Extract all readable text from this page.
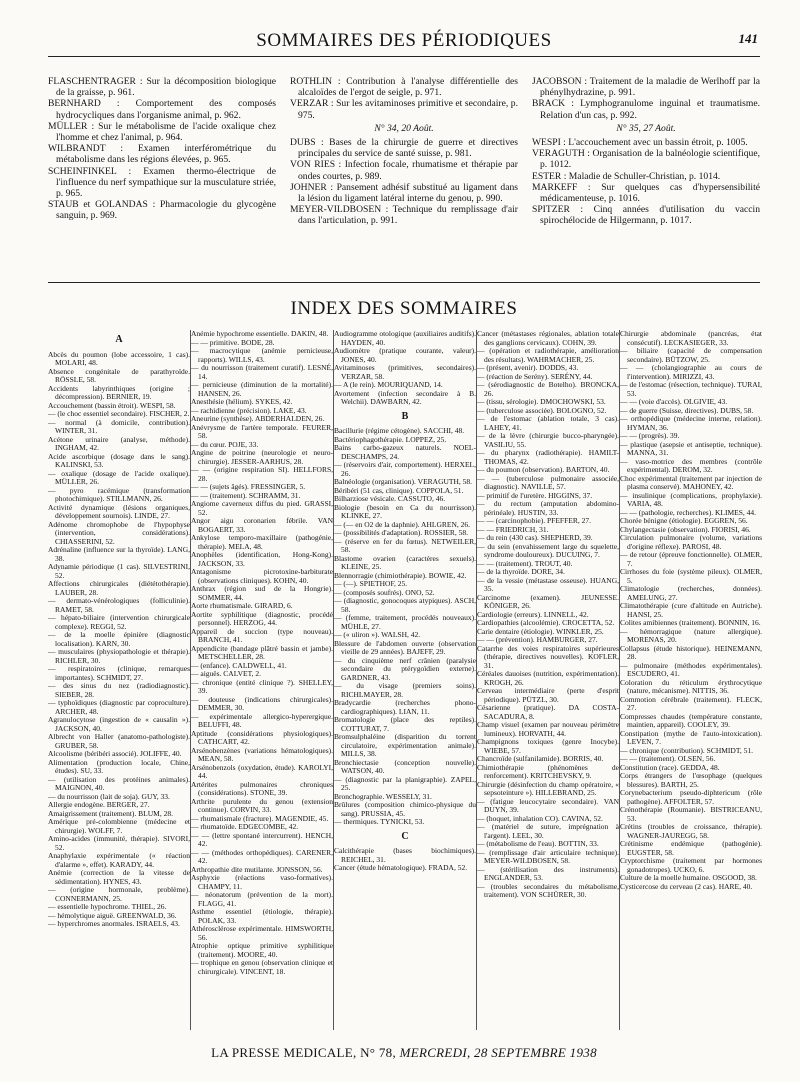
SOMMAIRES DES PÉRIODIQUES	141

FLASCHENTRAGER : Sur la décomposition biologique de la graisse, p. 961.

BERNHARD : Comportement des composés hydrocycliques dans l'organisme animal, p. 962.

MÜLLER : Sur le métabolisme de l'acide oxalique chez l'homme et chez l'animal, p. 964.

WILBRANDT : Examen interférométrique du métabolisme dans les régions élevées, p. 965.

SCHEINFINKEL : Examen thermo-électrique de l'influence du nerf sympathique sur la musculature striée, p. 965.

STAUB et GOLANDAS : Pharmacologie du glycogène sanguin, p. 969.

ROTHLIN : Contribution à l'analyse différentielle des alcaloïdes de l'ergot de seigle, p. 971.

VERZAR : Sur les avitaminoses primitive et secondaire, p. 975.

N° 34, 20 Août.

DUBS : Bases de la chirurgie de guerre et directives principales du service de santé suisse, p. 981.

VON RIES : Infection focale, rhumatisme et thérapie par ondes courtes, p. 989.

JOHNER : Pansement adhésif substitué au ligament dans la lésion du ligament latéral interne du genou, p. 990.

MEYER-VILDBOSEN : Technique du remplissage d'air dans l'articulation, p. 991.

JACOBSON : Traitement de la maladie de Werlhoff par la phénylhydrazine, p. 991.

BRACK : Lymphogranulome inguinal et traumatisme. Relation d'un cas, p. 992.

N° 35, 27 Août.

WESPI : L'accouchement avec un bassin étroit, p. 1005.

VERAGUTH : Organisation de la balnéologie scientifique, p. 1012.

ESTER : Maladie de Schuller-Christian, p. 1014.

MARKEFF : Sur quelques cas d'hypersensibilité médicamenteuse, p. 1016.

SPITZER : Cinq années d'utilisation du vaccin spirochélocide de Hilgermann, p. 1017.

INDEX DES SOMMAIRES

A

Abcès du poumon (lobe accessoire, 1 cas). MOLARI, 48.

Absence congénitale de parathyroïde. RÖSSLE, 58.

Accidents labyrinthiques (origine ; décompression). BERNIER, 19.

Accouchement (bassin étroit). WESPI, 58.

— (le choc essentiel secondaire). FISCHER, 2.

— normal (à domicile, contribution). WINTER, 31.

Acétone urinaire (analyse, méthode). INGHAM, 42.

Acide ascorbique (dosage dans le sang). KALINSKI, 53.

— oxalique (dosage de l'acide oxalique). MÜLLER, 26.

— pyro racémique (transformation photochimique). STILLMANN, 26.

Activité dynamique (lésions organiques, développement sournois). LINDE, 27.

Adénome chromophobe de l'hypophyse (intervention, considérations). CHIASSERINI, 52.

Adrénaline (influence sur la thyroïde). LANG, 38.

Adynamie périodique (1 cas). SILVESTRINI, 52.

Affections chirurgicales (diététothérapie). LAUBER, 28.

— dermato-vénérologiques (folliculinie). RAMET, 58.

— hépato-biliaire (intervention chirurgicale complexe). REGGI, 52.

— de la moelle épinière (diagnostic localisation). KARN, 30.

— musculaires (physiopathologie et thérapie). RICHLER, 30.

— respiratoires (clinique, remarques importantes). SCHMIDT, 27.

— des sinus du nez (radiodiagnostic). SIEBER, 28.

— typhoïdiques (diagnostic par coproculture). ARCHER, 48.

Agranulocytose (ingestion de « causalin »). JACKSON, 40.

Albrecht von Haller (anatomo-pathologiste). GRUBER, 58.

Alcoolisme (béribéri associé). JOLIFFE, 40.

Alimentation (production locale, Chine, études). SU, 33.

— (utilisation des protéines animales). MAIGNON, 40.

— du nourrisson (lait de soja). GUY, 33.

Allergie endogène. BERGER, 27.

Amaigrissement (traitement). BLUM, 28.

Amérique pré-colombienne (médecine et chirurgie). WOLFF, 7.

Amino-acides (immunité, thérapie). SIVORI, 52.

Anaphylaxie expérimentale (« réaction d'alarme », effet). KARADY, 44.

Anémie (correction de la vitesse de sédimentation). HYNES, 43.

— (origine hormonale, problème). CONNERMANN, 25.

— essentielle hypochrome. THIEL, 26.

— hémolytique aiguë. GREENWALD, 36.

— hyperchromes anormales. ISRAELS, 43.

Anémie hypochrome essentielle. DAKIN, 48.

— — primitive. BODE, 28.

— macrocytique (anémie pernicieuse, rapports). WILLS, 43.

— du nourrisson (traitement curatif). LESNÉ, 14.

— pernicieuse (diminution de la mortalité). HANSEN, 26.

Anesthésie (hélium). SYKES, 42.

— rachidienne (précision). LAKE, 43.

Aneurine (synthèse). ABDERHALDEN, 26.

Anévrysme de l'artère temporale. FEURER, 58.

— du cœur. POJE, 33.

Angine de poitrine (neurologie et neuro-chirurgie). JESSER-AARHUS, 28.

— — (origine respiration SI). HELLFORS, 28.

— — (sujets âgés). FRESSINGER, 5.

— — (traitement). SCHRAMM, 31.

Angiome caverneux diffus du pied. GRASSI, 52.

Angor aigu coronarien fébrile. VAN BOGAERT, 33.

Ankylose temporo-maxillaire (pathogénie, thérapie). MELA, 48.

Anophèles (identification, Hong-Kong). JACKSON, 33.

Antagonisme picrotoxine-barbiturate (observations cliniques). KOHN, 40.

Anthrax (région sud de la Hongrie). SOMMER, 44.

Aorte rhumatismale. GIRARD, 6.

Aortite syphilitique (diagnostic, procédé personnel). HERZOG, 44.

Appareil de succion (type nouveau). BRANCH, 41.

Appendicite (bandage plâtré bassin et jambe). METSCHELLER, 28.

— (enfance). CALDWELL, 41.

— aiguës. CALVET, 2.

— chronique (entité clinique ?). SHELLEY, 39.

— douteuse (indications chirurgicales). DEMMER, 30.

— expérimentale allergico-hyperergique. BELUFFI, 48.

Aptitude (considérations physiologiques). CATHCART, 42.

Arsénobenzènes (variations hématologiques). MEAN, 58.

Arsénobenzols (oxydation, étude). KAROLYI, 44.

Artérites pulmonaires chroniques (considérations). STONE, 39.

Arthrite purulente du genou (extension continue). CORVIN, 33.

— rhumatismale (fracture). MAGENDIE, 45.

— rhumatoïde. EDGECOMBE, 42.

— — (lettre spontané intercurrent). HENCH, 42.

— — (méthodes orthopédiques). CARENER, 42.

Arthropathie dite mutilante. JONSSON, 56.

Asphyxie (réactions vaso-formatives). CHAMPY, 11.

— néonatorum (prévention de la mort). FLAGG, 41.

Asthme essentiel (étiologie, thérapie). POLAK, 33.

Athérosclérose expérimentale. HIMSWORTH, 56.

Atrophie optique primitive syphilitique (traitement). MOORE, 40.

— trophique en genou (observation clinique et chirurgicale). VINCENT, 18.

Audiogramme otologique (auxiliaires auditifs). HAYDEN, 40.

Audiomètre (pratique courante, valeur). JONES, 40.

Avitaminoses (primitives, secondaires). VERZAR, 58.

— A (le rein). MOURIQUAND, 14.

Avortement (infection secondaire à B. Welchii). DAWBARN, 42.

B

Bacillurie (régime cétogène). SACCHI, 48.

Bactériophagothérapie. LOPPEZ, 25.

Bains carbo-gazeux naturels. NOEL-DESCHAMPS, 24.

— (réservoirs d'air, comportement). HERXEL, 26.

Balnéologie (organisation). VERAGUTH, 58.

Béribéri (51 cas, clinique). COPPOLA, 51.

Bilharziose vésicale. CASSUTO, 46.

Biologie (besoin en Ca du nourrisson). KLINKE, 27.

— (— en O2 de la daphnie). AHLGREN, 26.

— (possibilités d'adaptation). ROSSIER, 58.

— (réserve en fer du fœtus). NETWEILER, 58.

Blastome ovarien (caractères sexuels). KLEINE, 25.

Blennorragie (chimiothérapie). BOWIE, 42.

— (—). SPIETHOF, 25.

— (composés soufrés). ONO, 52.

— (diagnostic, gonocoques atypiques). ASCH, 58.

— (femme, traitement, procédés nouveaux). MÜHLE, 27.

— (« uliron »). WALSH, 42.

Blessure de l'abdomen ouverte (observation vieille de 29 années). BAJEFF, 29.

— du cinquième nerf crânien (paralysie secondaire du ptérygoïdien externe). GARDNER, 43.

— du visage (premiers soins). RICHLMAYER, 28.

Bradycardie (recherches phono-cardiographiques). LIAN, 11.

Bromatologie (place des reptiles). COTTURAT, 7.

Bromsulphaléine (disparition du torrent circulatoire, expérimentation animale). MILLS, 38.

Bronchiectasie (conception nouvelle). WATSON, 40.

— (diagnostic par la planigraphie). ZAPEL, 25.

Bronchographie. WESSELY, 31.

Brûlures (composition chimico-physique du sang). PRUSSIA, 45.

— thermiques. TYNICKI, 53.

C

Calcithérapie (bases biochimiques). REICHEL, 31.

Cancer (étude hématologique). FRADA, 52.

Cancer (métastases régionales, ablation totale des ganglions cervicaux). COHN, 39.

— (opération et radiothérapie, amélioration des résultats). WAHRMACHER, 25.

— (présent, avenir). DODDS, 43.

— (réaction de Serény). SERÉNY, 44.

— (sérodiagnostic de Botelho). BRONCKA, 26.

— (tissu, sérologie). DMOCHOWSKI, 53.

— (tuberculose associée). BOLOGNO, 52.

— de l'estomac (ablation totale, 3 cas). LAHEY, 41.

— de la lèvre (chirurgie bucco-pharyngée). VASILIU, 55.

— du pharynx (radiothérapie). HAMILT-THOMAS, 42.

— du poumon (observation). BARTON, 40.

— — (tuberculose pulmonaire associée, diagnostic). NAVILLE, 57.

— primitif de l'uretère. HIGGINS, 37.

— du rectum (amputation abdomino-périnéale). HUSTIN, 33.

— — (carcinophobie). PFEFFER, 27.

— — FRIEDRICH, 31.

— du rein (430 cas). SHEPHERD, 39.

— du sein (envahissement large du squelette, syndrome douloureux). DUCUING, 7.

— — (traitement). TROUT, 40.

— de la thyroïde. DORE, 34.

— de la vessie (métastase osseuse). HUANG, 35.

Carcinome (examen). JEUNESSE. KÖNIGER, 26.

Cardiologie (erreurs). LINNELL, 42.

Cardiopathies (alcoolémie). CROCETTA, 52.

Carie dentaire (étiologie). WINKLER, 25.

— — (prévention). HAMBURGER, 27.

Catarrhe des voies respiratoires supérieures (thérapie, directives nouvelles). KOFLER, 31.

Céréales dauoises (nutrition, expérimentation). KROGH, 26.

Cerveau intermédiaire (perte d'esprit périodique). PÜTZL, 30.

Césarienne (pratique). DA COSTA-SACADURA, 8.

Champ visuel (examen par nouveau périmètre lumineux). HORVATH, 44.

Champignons toxiques (genre Inocybe). WIEBE, 57.

Chancroïde (sulfanilamide). BORRIS, 40.

Chimiothérapie (phénomènes de renforcement). KRITCHEVSKY, 9.

Chirurgie (désinfection du champ opératoire, « sepsoteinture »). HILLEBRAND, 25.

— (fatigue leucocytaire secondaire). VAN DUYN, 39.

— (hoquet, inhalation CO). CAVINA, 52.

— (matériel de suture, imprégnation à l'argent). LEEL, 30.

— (métabolisme de l'eau). BOTTIN, 33.

— (remplissage d'air articulaire technique). MEYER-WILDBOSEN, 58.

— (stérilisation des instruments). ENGLANDER, 53.

— (troubles secondaires du métabolisme, traitement). VON SCHÜRER, 30.

Chirurgie abdominale (pancréas, état consécutif). LECKASIEGER, 33.

— biliaire (capacité de compensation secondaire). BÜTZOW, 25.

— — (cholangiographie au cours de l'intervention). MIRIZZI, 43.

— de l'estomac (résection, technique). TURAI, 53.

— — (voie d'accès). OLGIVIE, 43.

— de guerre (Suisse, directives). DUBS, 58.

— orthopédique (médecine interne, relation). HYMAN, 36.

— — (progrès). 39.

— plastique (asepsie et antiseptie, technique). MANNA, 31.

— vaso-motrice des membres (contrôle expérimental). DEROM, 32.

Choc expérimental (traitement par injection de plasma conservé). MAHONEY, 42.

— insulinique (complications, prophylaxie). VARIA, 48.

— — (pathologie, recherches). KLIMES, 44.

Chorée bénigne (étiologie). EGGREN, 56.

Chylangectasie (observation). FIORISI, 46.

Circulation pulmonaire (volume, variations d'origine réflexe). PAROSI, 48.

— de retour (épreuve fonctionnelle). OLMER, 7.

Cirrhoses du foie (système pileux). OLMER, 5.

Climatologie (recherches, données). AMELUNG, 27.

Climatothérapie (cure d'altitude en Autriche). HANSI, 25.

Colites amibiennes (traitement). BONNIN, 16.

— hémorragique (nature allergique). MORENAS, 20.

Collapsus (étude historique). HEINEMANN, 28.

— pulmonaire (méthodes expérimentales). ESCUDERO, 41.

Coloration du réticulum érythrocytique (nature, mécanisme). NITTIS, 36.

Commotion cérébrale (traitement). FLECK, 27.

Compresses chaudes (température constante, maintien, appareil). COOLEY, 39.

Constipation (mythe de l'auto-intoxication). LEVEN, 7.

— chronique (contribution). SCHMIDT, 51.

— — (traitement). OLSEN, 56.

Constitution (race). GEDDA, 48.

Corps étrangers de l'œsophage (quelques blessures). BARTH, 25.

Corynebacterium pseudo-diphtericum (rôle pathogène). AFFOLTER, 57.

Crénothérapie (Roumanie). BISTRICEANU, 53.

Crétins (troubles de croissance, thérapie). WAGNER-JAUREGG, 58.

Crétinisme endémique (pathogénie). EUGSTER, 58.

Cryptorchisme (traitement par hormones gonadotropes). UCKO, 6.

Culture de la moelle humaine. OSGOOD, 38.

Cysticercose du cerveau (2 cas). HARE, 40.

LA PRESSE MEDICALE, N° 78, MERCREDI, 28 SEPTEMBRE 1938
